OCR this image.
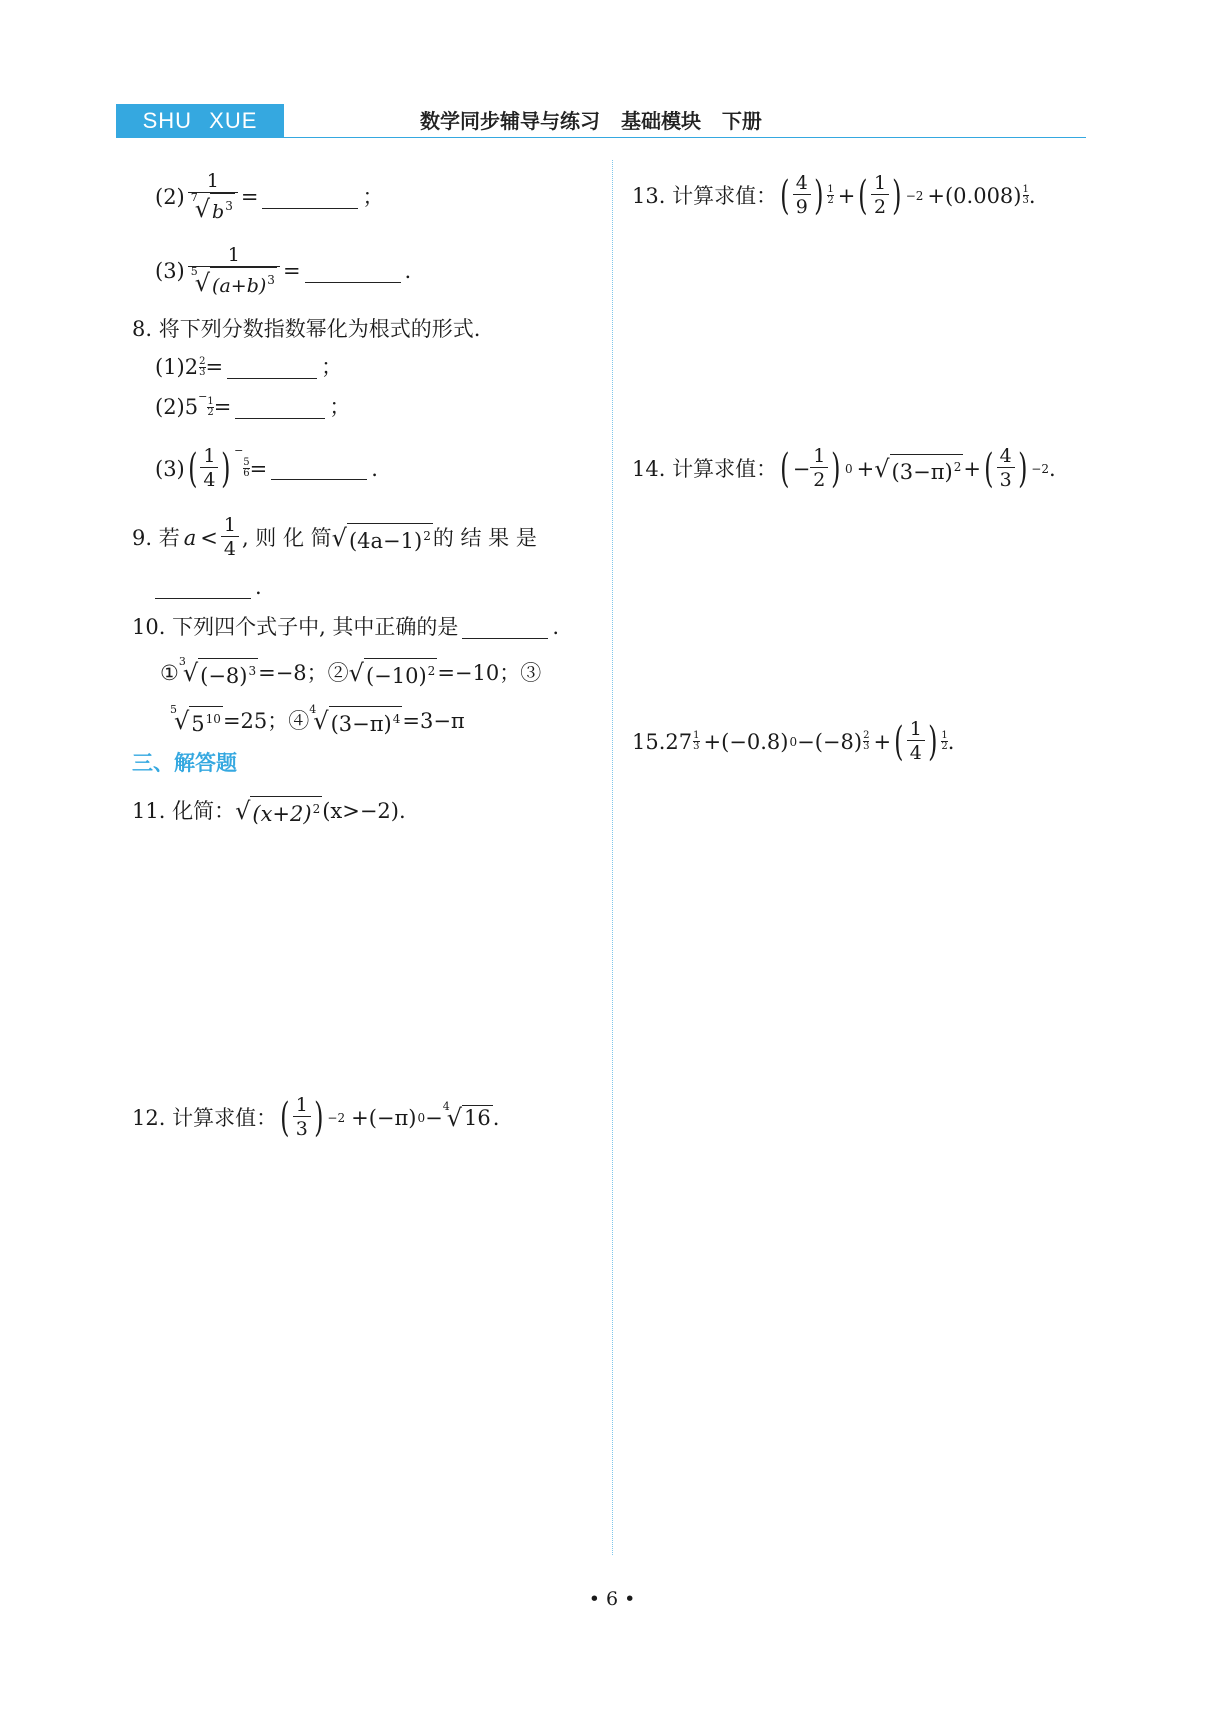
SHU XUE	数学同步辅导与练习 基础模块 下册
(2) 1
7
√ $b^3$ =	；
(3) 1
5
√ $(a+b)^3$ =	.
8. 将下列分数指数幂化为根式的形式.
(1) $2 \frac{2}{3}$ =	；
(2) 5 − $_{\frac{1}{2}}$ =	；
(3) ( $\frac{1}{4}$ ) −
$_{\frac{5}{6}}$ =	.
9. 若 $a < \frac{1}{4}$ , 则 化 简 √ $(4a-1)^2$ 的 结 果 是
.
10. 下列四个式子中, 其中正确的是	.
① 3
√ $(-8)^3 =-8$；② √ $(-10)^2 =-10$；③
5
√ $5^{10} =25$；④ 4
√ $(3-\pi)^4 =3-\pi$
三、解答题
11. 化简： √ $(x+2)^2$ (x>−2).
12. 计算求值： ( $\frac{1}{3}$ ) −2 +(−π) 0 − 4
√ 16 .
13. 计算求值： ( $\frac{4}{9}$ ) 1
2 + ( $\frac{1}{2}$ ) −2 +(0.008) 1
3 .
14. 计算求值： ( − $\frac{1}{2}$ ) 0 + √ $(3-\pi)^2$ + ( $\frac{4}{3}$ ) −2 .
15. 27 1
3 +(−0.8) 0 −(−8) 2
3 + ( $\frac{1}{4}$ ) 1
2 .
• 6 •
